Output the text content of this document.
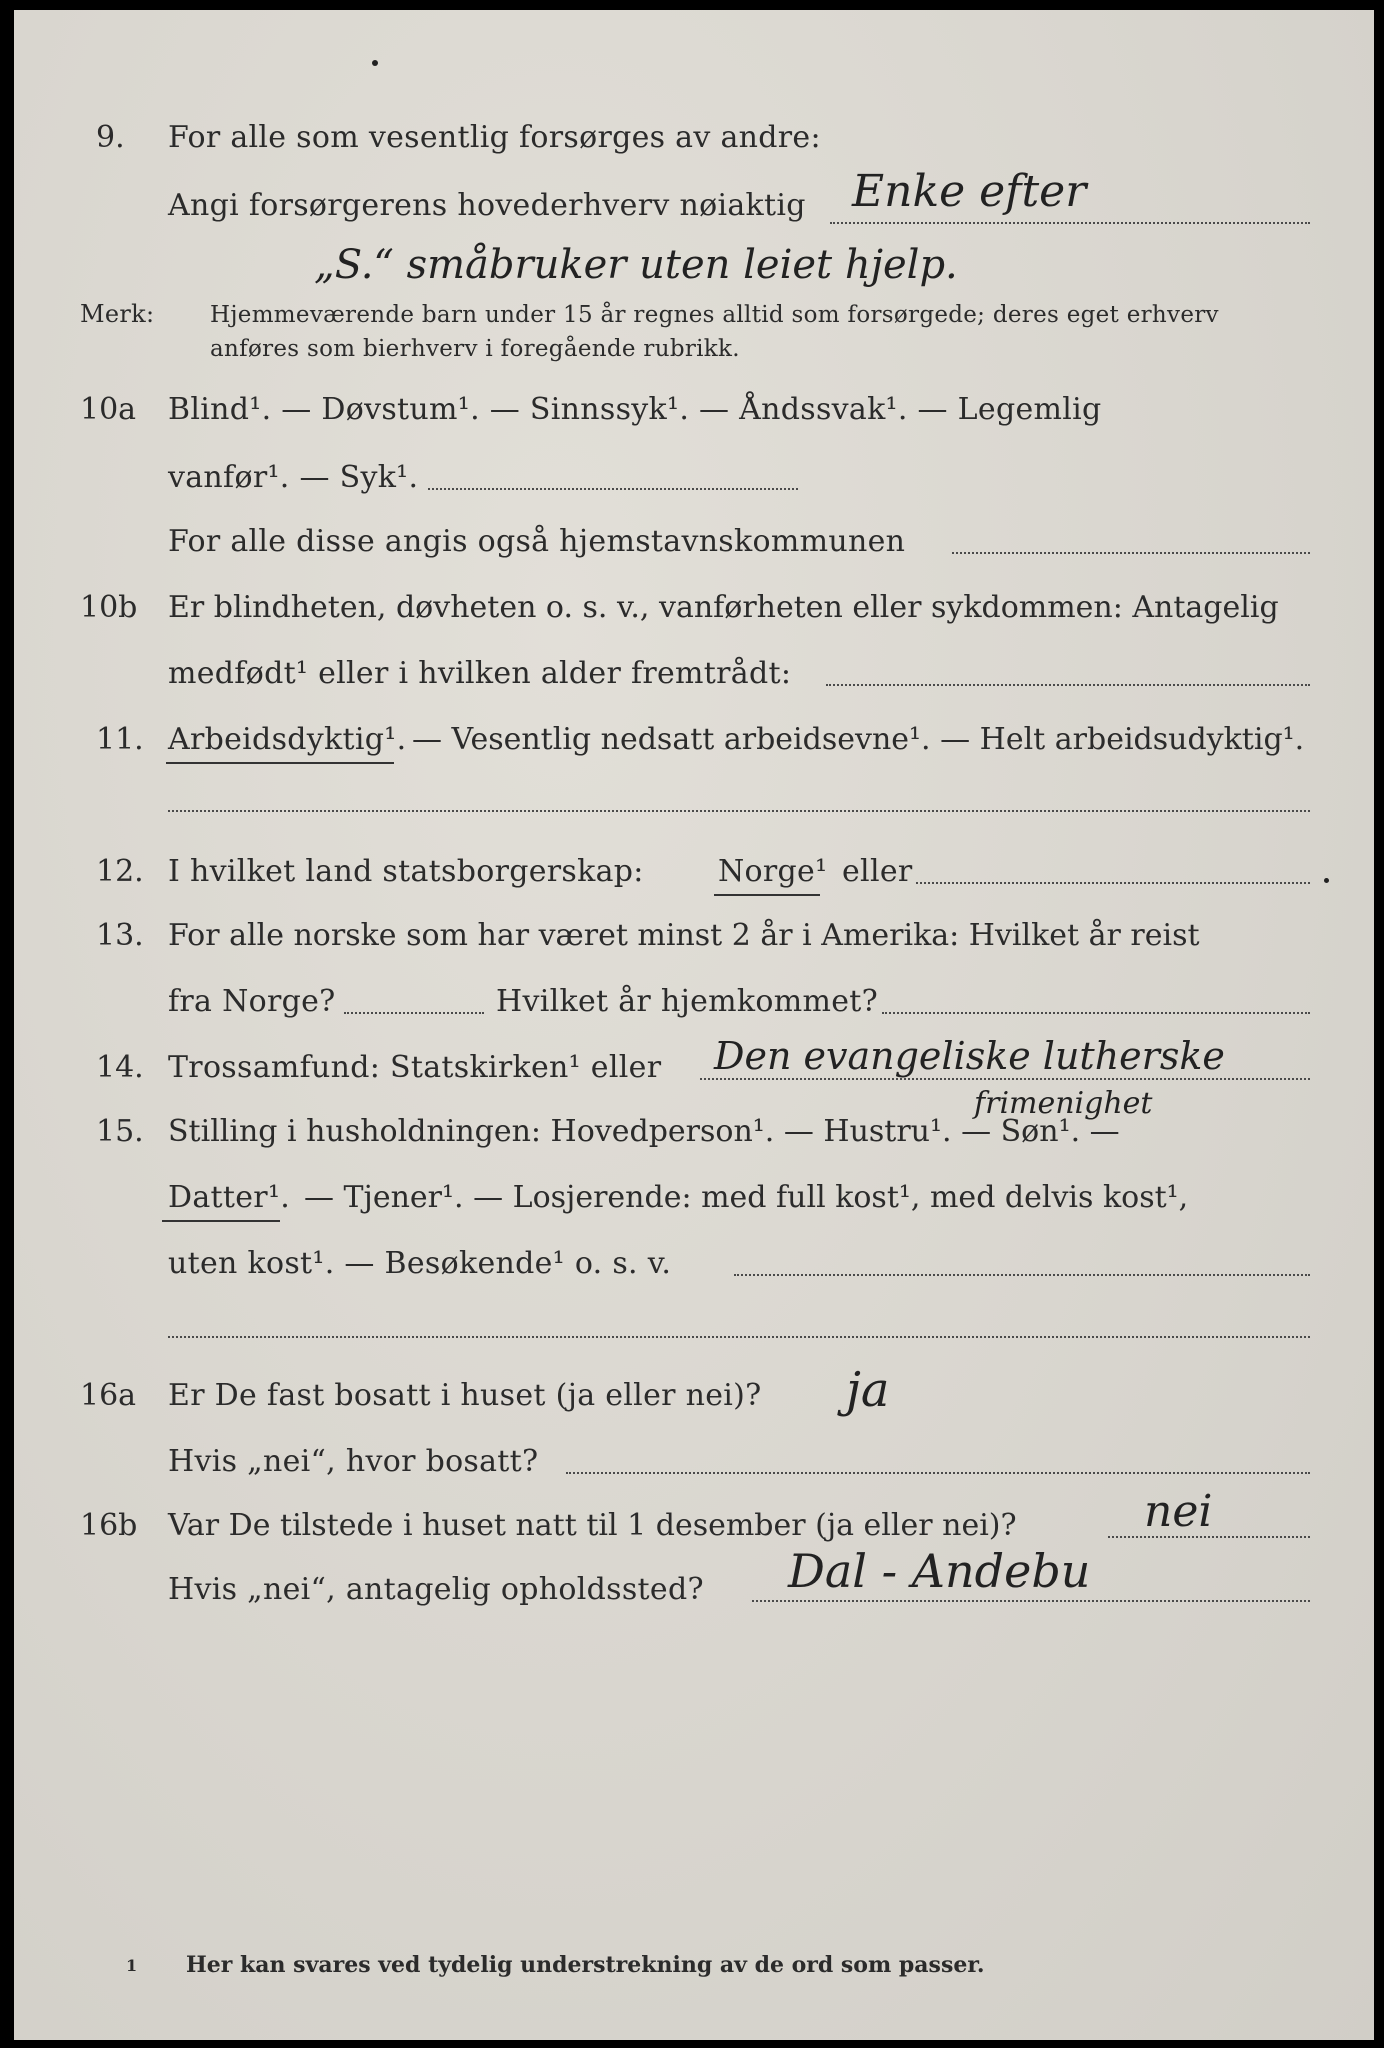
9. For alle som vesentlig forsørges av andre:
Angi forsørgerens hovederhverv nøiaktig Enke efter
„S.“ småbruker uten leiet hjelp.
Merk: Hjemmeværende barn under 15 år regnes alltid som forsørgede; deres eget erhverv
anføres som bierhverv i foregående rubrikk.
10a Blind¹. — Døvstum¹. — Sinnssyk¹. — Åndssvak¹. — Legemlig
vanfør¹. — Syk¹.
For alle disse angis også hjemstavnskommunen
10b Er blindheten, døvheten o. s. v., vanførheten eller sykdommen: Antagelig
medfødt¹ eller i hvilken alder fremtrådt:
11. Arbeidsdyktig¹. — Vesentlig nedsatt arbeidsevne¹. — Helt arbeidsudyktig¹.
12. I hvilket land statsborgerskap: Norge¹ eller
13. For alle norske som har været minst 2 år i Amerika: Hvilket år reist
fra Norge?	Hvilket år hjemkommet?
14. Trossamfund: Statskirken¹ eller Den evangeliske lutherske
frimenighet
15. Stilling i husholdningen: Hovedperson¹. — Hustru¹. — Søn¹. —
Datter¹. — Tjener¹. — Losjerende: med full kost¹, med delvis kost¹,
uten kost¹. — Besøkende¹ o. s. v.
16a Er De fast bosatt i huset (ja eller nei)? ja
Hvis „nei“, hvor bosatt?
16b Var De tilstede i huset natt til 1 desember (ja eller nei)?	nei
Hvis „nei“, antagelig opholdssted? Dal - Andebu
1 Her kan svares ved tydelig understrekning av de ord som passer.
